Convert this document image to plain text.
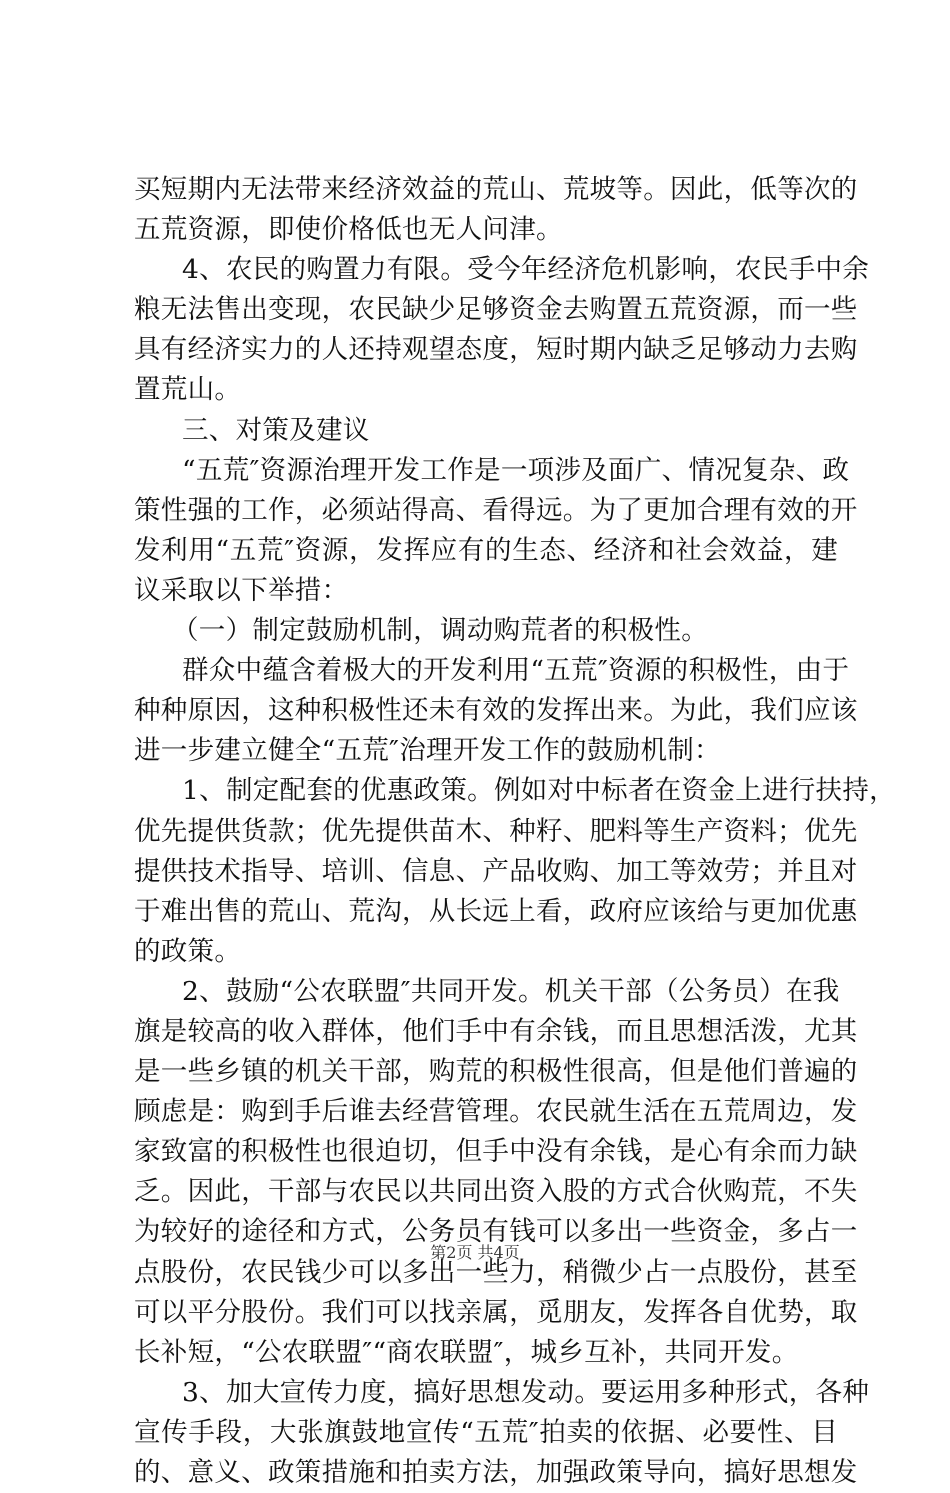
买短期内无法带来经济效益的荒山、荒坡等。因此，低等次的
五荒资源，即使价格低也无人问津。
4、农民的购置力有限。受今年经济危机影响，农民手中余
粮无法售出变现，农民缺少足够资金去购置五荒资源，而一些
具有经济实力的人还持观望态度，短时期内缺乏足够动力去购
置荒山。
三、对策及建议
“五荒″资源治理开发工作是一项涉及面广、情况复杂、政
策性强的工作，必须站得高、看得远。为了更加合理有效的开
发利用“五荒″资源，发挥应有的生态、经济和社会效益，建
议采取以下举措：
（一）制定鼓励机制，调动购荒者的积极性。
群众中蕴含着极大的开发利用“五荒″资源的积极性，由于
种种原因，这种积极性还未有效的发挥出来。为此，我们应该
进一步建立健全“五荒″治理开发工作的鼓励机制：
1、制定配套的优惠政策。例如对中标者在资金上进行扶持，
优先提供货款；优先提供苗木、种籽、肥料等生产资料；优先
提供技术指导、培训、信息、产品收购、加工等效劳；并且对
于难出售的荒山、荒沟，从长远上看，政府应该给与更加优惠
的政策。
2、鼓励“公农联盟″共同开发。机关干部（公务员）在我
旗是较高的收入群体，他们手中有余钱，而且思想活泼，尤其
是一些乡镇的机关干部，购荒的积极性很高，但是他们普遍的
顾虑是：购到手后谁去经营管理。农民就生活在五荒周边，发
家致富的积极性也很迫切，但手中没有余钱，是心有余而力缺
乏。因此，干部与农民以共同出资入股的方式合伙购荒，不失
为较好的途径和方式，公务员有钱可以多出一些资金，多占一
点股份，农民钱少可以多出一些力，稍微少占一点股份，甚至
可以平分股份。我们可以找亲属，觅朋友，发挥各自优势，取
长补短，“公农联盟″“商农联盟″，城乡互补，共同开发。
3、加大宣传力度，搞好思想发动。要运用多种形式，各种
宣传手段，大张旗鼓地宣传“五荒″拍卖的依据、必要性、目
的、意义、政策措施和拍卖方法，加强政策导向，搞好思想发
第2页 共4页
